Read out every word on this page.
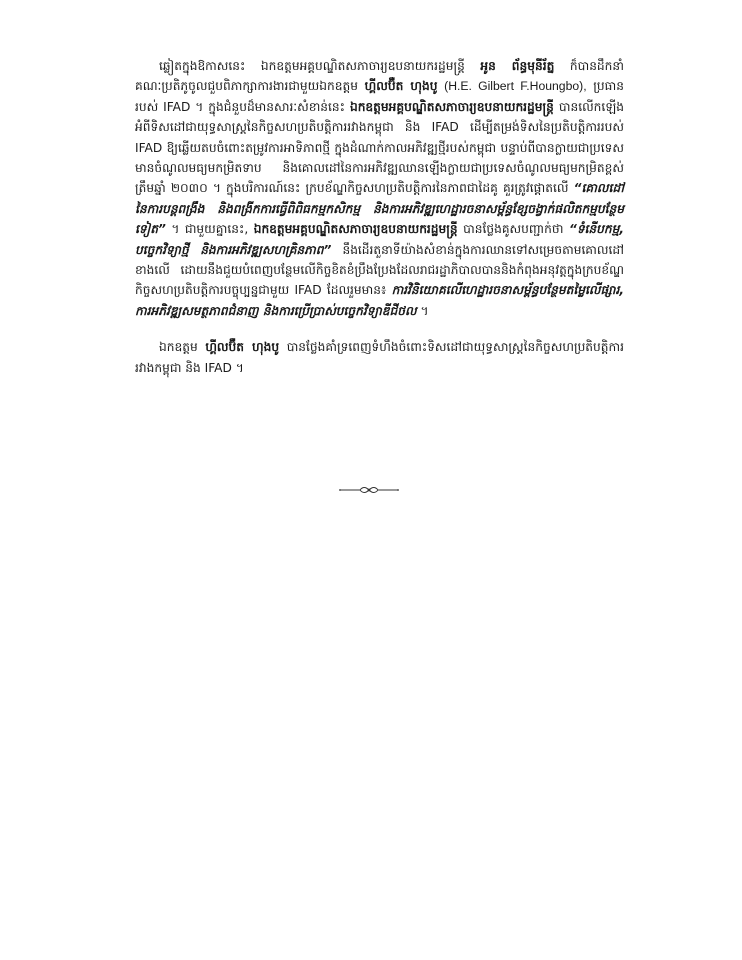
ឆ្លៀតក្នុងឱកាសនេះ ឯកឧត្តមអគ្គបណ្ឌិតសភាចារ្យឧបនាយករដ្ឋមន្ត្រី អូន ព័ន្ធមុនីរ័ត្ន ក៏បានដឹកនាំគណៈប្រតិភូចូលជួបពិភាក្សាការងារជាមួយឯកឧត្តម ហ្គីលប៊ឺត ហុងបូ (H.E. Gilbert F.Houngbo), ប្រធានរបស់ IFAD ។ ក្នុងជំនួបដ៏មានសារៈសំខាន់នេះ ឯកឧត្តមអគ្គបណ្ឌិតសភាចារ្យឧបនាយករដ្ឋមន្ត្រី បានលើកឡើងអំពីទិសដៅជាយុទ្ធសាស្ត្រនៃកិច្ចសហប្រតិបត្តិការរវាងកម្ពុជា និង IFAD ដើម្បីតម្រង់ទិសនៃប្រតិបត្តិការរបស់ IFAD ឱ្យឆ្លើយតបចំពោះតម្រូវការអាទិភាពថ្មី ក្នុងដំណាក់កាលអភិវឌ្ឍថ្មីរបស់កម្ពុជា បន្ទាប់ពីបានក្លាយជាប្រទេសមានចំណូលមធ្យមកម្រិតទាប និងគោលដៅនៃការអភិវឌ្ឍឈានឡើងក្លាយជាប្រទេសចំណូលមធ្យមកម្រិតខ្ពស់ត្រឹមឆ្នាំ ២០៣០ ។ ក្នុងបរិការណ៍នេះ ក្របខ័ណ្ឌកិច្ចសហប្រតិបត្តិការនៃភាពជាដៃគូ គួរត្រូវផ្តោតលើ “គោលដៅនៃការបន្តពង្រឹង និងពង្រីកការធ្វើពិពិធកម្មកសិកម្ម និងការអភិវឌ្ឍហេដ្ឋារចនាសម្ព័ន្ធខ្សែចង្វាក់ផលិតកម្មបន្ថែមទៀត” ។ ជាមួយគ្នានេះ, ឯកឧត្តមអគ្គបណ្ឌិតសភាចារ្យឧបនាយករដ្ឋមន្ត្រី បានថ្លែងគូសបញ្ជាក់ថា “ទំនើបកម្ម, បច្ចេកវិទ្យាថ្មី និងការអភិវឌ្ឍសហគ្រិនភាព” នឹងដើរតួនាទីយ៉ាងសំខាន់ក្នុងការឈានទៅសម្រេចតាមគោលដៅខាងលើ ដោយនឹងជួយបំពេញបន្ថែមលើកិច្ចខិតខំប្រឹងប្រែងដែលរាជរដ្ឋាភិបាលបាននិងកំពុងអនុវត្តក្នុងក្របខ័ណ្ឌកិច្ចសហប្រតិបត្តិការបច្ចុប្បន្នជាមួយ IFAD ដែលរួមមាន៖ ការវិនិយោគលើហេដ្ឋារចនាសម្ព័ន្ធបន្ថែមតម្លៃលើផ្សារ, ការអភិវឌ្ឍសមត្ថភាពជំនាញ និងការប្រើប្រាស់បច្ចេកវិទ្យាឌីជីថល ។

ឯកឧត្តម ហ្គីលប៊ឺត ហុងបូ បានថ្លែងគាំទ្រពេញទំហឹងចំពោះទិសដៅជាយុទ្ធសាស្ត្រនៃកិច្ចសហប្រតិបត្តិការ រវាងកម្ពុជា និង IFAD ។
